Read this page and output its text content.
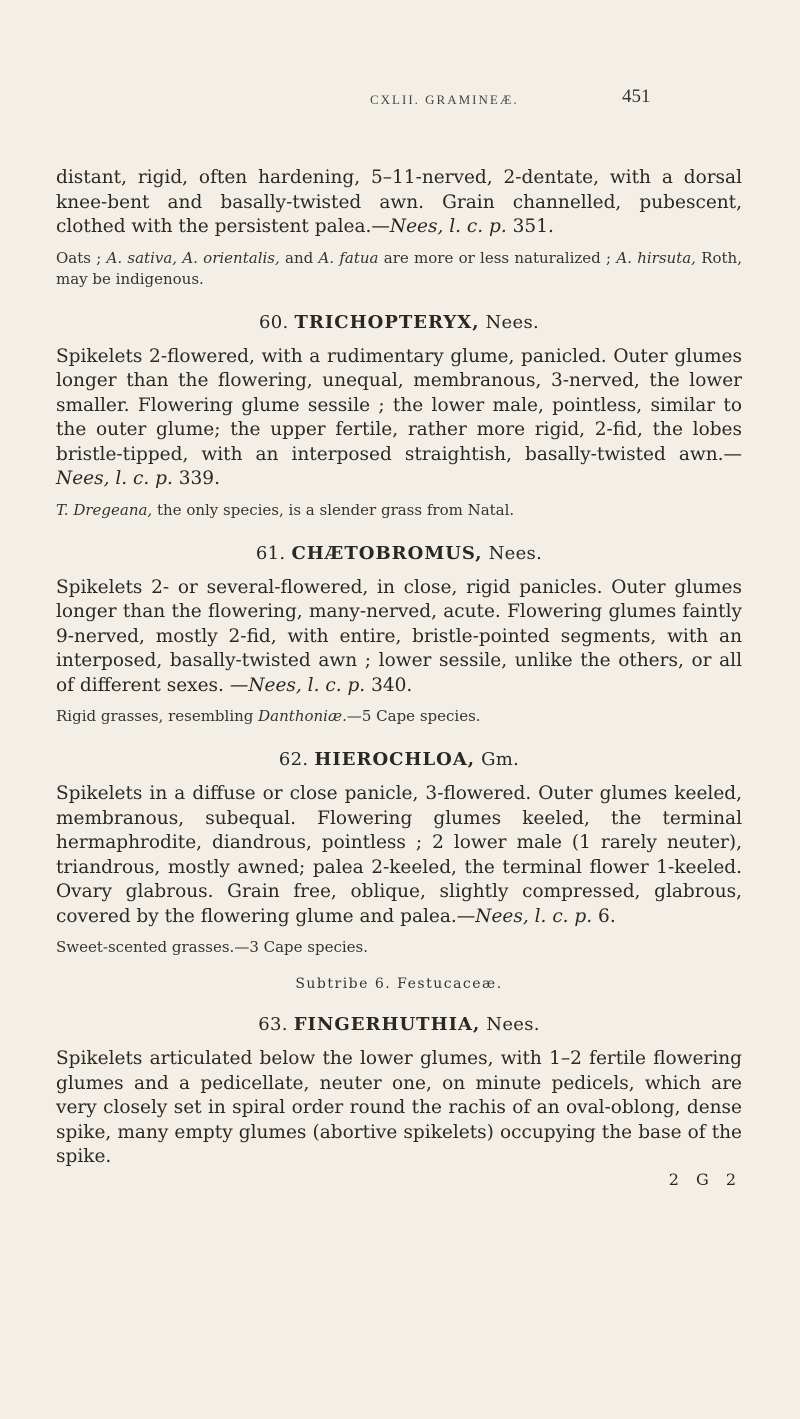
CXLII. GRAMINEÆ.	451

distant, rigid, often hardening, 5–11-nerved, 2-dentate, with a dorsal knee-bent and basally-twisted awn. Grain channelled, pubescent, clothed with the persistent palea.—Nees, l. c. p. 351.

Oats ; A. sativa, A. orientalis, and A. fatua are more or less naturalized ; A. hirsuta, Roth, may be indigenous.

60. TRICHOPTERYX, Nees.

Spikelets 2-flowered, with a rudimentary glume, panicled. Outer glumes longer than the flowering, unequal, membranous, 3-nerved, the lower smaller. Flowering glume sessile ; the lower male, pointless, similar to the outer glume; the upper fertile, rather more rigid, 2-fid, the lobes bristle-tipped, with an interposed straightish, basally-twisted awn.—Nees, l. c. p. 339.

T. Dregeana, the only species, is a slender grass from Natal.

61. CHÆTOBROMUS, Nees.

Spikelets 2- or several-flowered, in close, rigid panicles. Outer glumes longer than the flowering, many-nerved, acute. Flowering glumes faintly 9-nerved, mostly 2-fid, with entire, bristle-pointed segments, with an interposed, basally-twisted awn ; lower sessile, unlike the others, or all of different sexes. —Nees, l. c. p. 340.

Rigid grasses, resembling Danthoniæ.—5 Cape species.

62. HIEROCHLOA, Gm.

Spikelets in a diffuse or close panicle, 3-flowered. Outer glumes keeled, membranous, subequal. Flowering glumes keeled, the terminal hermaphrodite, diandrous, pointless ; 2 lower male (1 rarely neuter), triandrous, mostly awned; palea 2-keeled, the terminal flower 1-keeled. Ovary glabrous. Grain free, oblique, slightly compressed, glabrous, covered by the flowering glume and palea.—Nees, l. c. p. 6.

Sweet-scented grasses.—3 Cape species.

Subtribe 6. Festucaceæ.
63. FINGERHUTHIA, Nees.

Spikelets articulated below the lower glumes, with 1–2 fertile flowering glumes and a pedicellate, neuter one, on minute pedicels, which are very closely set in spiral order round the rachis of an oval-oblong, dense spike, many empty glumes (abortive spikelets) occupying the base of the spike.

2 G 2
